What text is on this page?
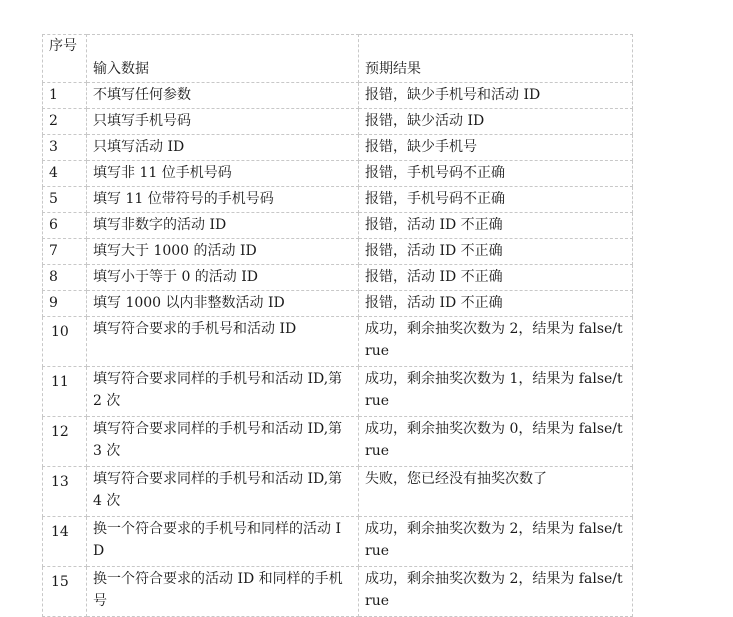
序号	输入数据	预期结果
1	不填写任何参数	报错，缺少手机号和活动 ID
2	只填写手机号码	报错，缺少活动 ID
3	只填写活动 ID	报错，缺少手机号
4	填写非 11 位手机号码	报错，手机号码不正确
5	填写 11 位带符号的手机号码	报错，手机号码不正确
6	填写非数字的活动 ID	报错，活动 ID 不正确
7	填写大于 1000 的活动 ID	报错，活动 ID 不正确
8	填写小于等于 0 的活动 ID	报错，活动 ID 不正确
9	填写 1000 以内非整数活动 ID	报错，活动 ID 不正确
10	填写符合要求的手机号和活动 ID	成功，剩余抽奖次数为 2，结果为 false/true
11	填写符合要求同样的手机号和活动 ID,第 2 次	成功，剩余抽奖次数为 1，结果为 false/true
12	填写符合要求同样的手机号和活动 ID,第 3 次	成功，剩余抽奖次数为 0，结果为 false/true
13	填写符合要求同样的手机号和活动 ID,第 4 次	失败，您已经没有抽奖次数了
14	换一个符合要求的手机号和同样的活动 ID	成功，剩余抽奖次数为 2，结果为 false/true
15	换一个符合要求的活动 ID 和同样的手机号	成功，剩余抽奖次数为 2，结果为 false/true
